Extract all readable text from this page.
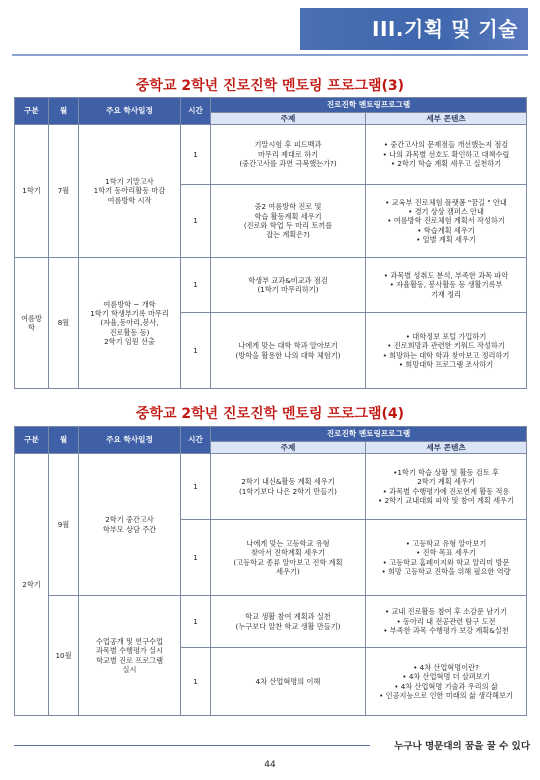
III.기획 및 기술
중학교 2학년 진로진학 멘토링 프로그램(3)
구분	월	주요 학사일정	시간	진로진학 멘토링프로그램	
				주제	세부 콘텐츠
1학기	7월	1학기 기말고사
1학기 동아리활동 마감
여름방학 시작	1	기말시험 후 피드백과
마무리 제대로 하기
(중간고사를 과연 극복했는가?)	• 중간고사의 문제점들 개선했는지 점검
• 나의 과목별 선호도 확인하고 대책수립
• 2학기 학습 계획 세우고 실천하기

			1	중2 여름방학 진로 및
학습 활동계획 세우기
(진로와 학업 두 마리 토끼를
잡는 계획은?)	• 교육부 진로체험 플랫폼 "꿈길 " 안내
• 경기 상상 캠퍼스 안내
• 여름방학 진로체험 계획서 작성하기
• 학습계획 세우기
• 일별 계획 세우기

여름방학	8월	여름방학 ~ 개학
1학기 학생부기록 마무리
(자율,동아리,봉사,
진로활동 등)
2학기 임원 선출	1	학생부 교과&비교과 점검
(1학기 마무리하기)	• 과목별 성취도 분석, 부족한 과목 파악
• 자율활동, 봉사활동 등 생활기록부
기재 정리

			1	나에게 맞는 대학 학과 알아보기
(방학을 활용한 나의 대학 체험기)	• 대학정보 포털 가입하기
• 진로희망과 관련한 키워드 작성하기
• 희망하는 대학 학과 찾아보고 정리하기
• 희망대학 프로그램 조사하기
중학교 2학년 진로진학 멘토링 프로그램(4)
구분	월	주요 학사일정	시간	진로진학 멘토링프로그램	
				주제	세부 콘텐츠
2학기	9월	2학기 중간고사
학부모 상담 주간	1	2학기 내신&활동 계획 세우기
(1학기보다 나은 2학기 만들기)	•1학기 학습 상황 및 활동 검토 후
2학기 계획 세우기
• 과목별 수행평가에 진로연계 활동 적용
• 2학기 교내대회 파악 및 참여 계획 세우기

			1	나에게 맞는 고등학교 유형
찾아서 진학계획 세우기
(고등학교 종류 알아보고 진학 계획
세우기)	• 고등학교 유형 알아보기
• 진학 목표 세우기
• 고등학교 홈페이지와 학교 알리미 방문
• 희망 고등학교 진학을 위해 필요한 역량

	10월	수업공개 및 연구수업
과목별 수행평가 실시
학교별 진로 프로그램
실시	1	학교 생활 참여 계획과 실천
(누구보다 알찬 학교 생활 만들기)	• 교내 진로활동 참여 후 소감문 남기기
• 동아리 내 전공관련 탐구 도전
• 부족한 과목 수행평가 보강 계획&실천

			1	4차 산업혁명의 이해	• 4차 산업혁명이란?
• 4차 산업혁명 더 살펴보기
• 4차 산업혁명 기술과 우리의 삶
• 인공지능으로 인한 미래의 삶 생각해보기
누구나 명문대의 꿈을 꿀 수 있다
44
